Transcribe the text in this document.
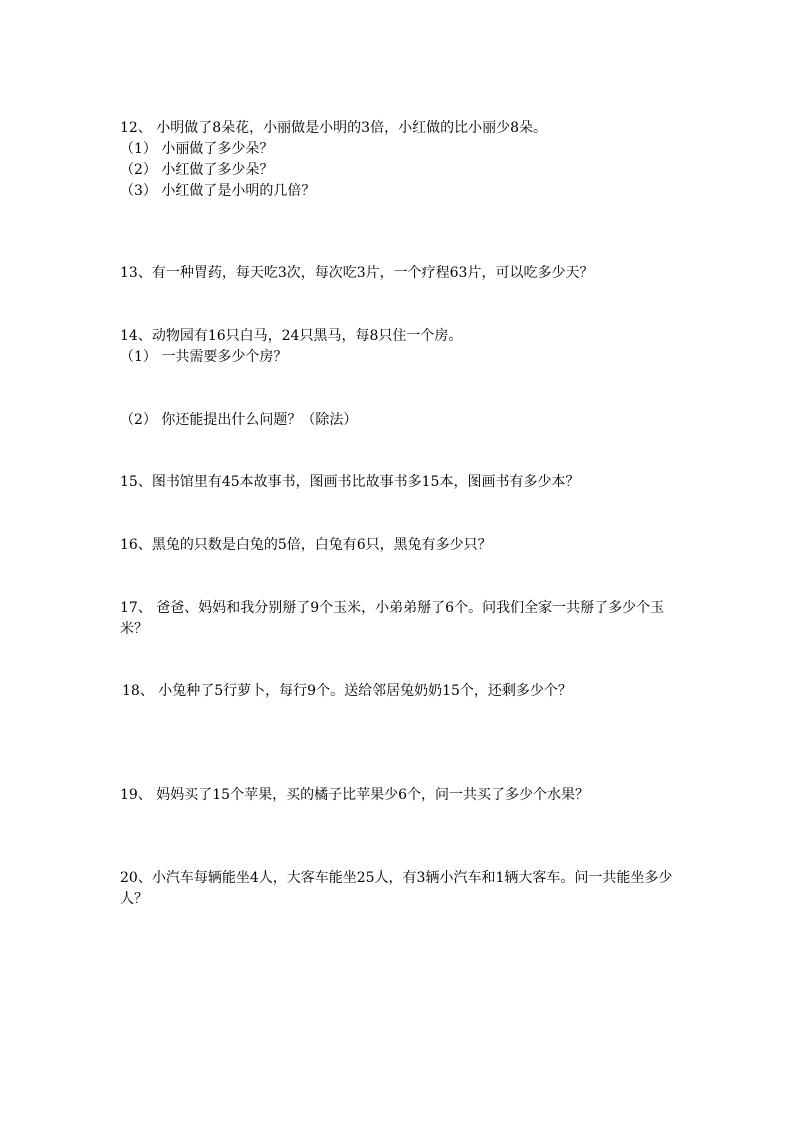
12、 小明做了8朵花，小丽做是小明的3倍，小红做的比小丽少8朵。
（1） 小丽做了多少朵？
（2） 小红做了多少朵？
（3） 小红做了是小明的几倍？
13、有一种胃药，每天吃3次，每次吃3片，一个疗程63片，可以吃多少天？
14、动物园有16只白马，24只黑马，每8只住一个房。
（1） 一共需要多少个房？
（2） 你还能提出什么问题？（除法）
15、图书馆里有45本故事书，图画书比故事书多15本，图画书有多少本？
16、黑兔的只数是白兔的5倍，白兔有6只，黑兔有多少只？
17、 爸爸、妈妈和我分别掰了9个玉米，小弟弟掰了6个。问我们全家一共掰了多少个玉米？
18、 小兔种了5行萝卜，每行9个。送给邻居兔奶奶15个，还剩多少个？
19、 妈妈买了15个苹果，买的橘子比苹果少6个，问一共买了多少个水果？
20、小汽车每辆能坐4人，大客车能坐25人，有3辆小汽车和1辆大客车。问一共能坐多少人？
